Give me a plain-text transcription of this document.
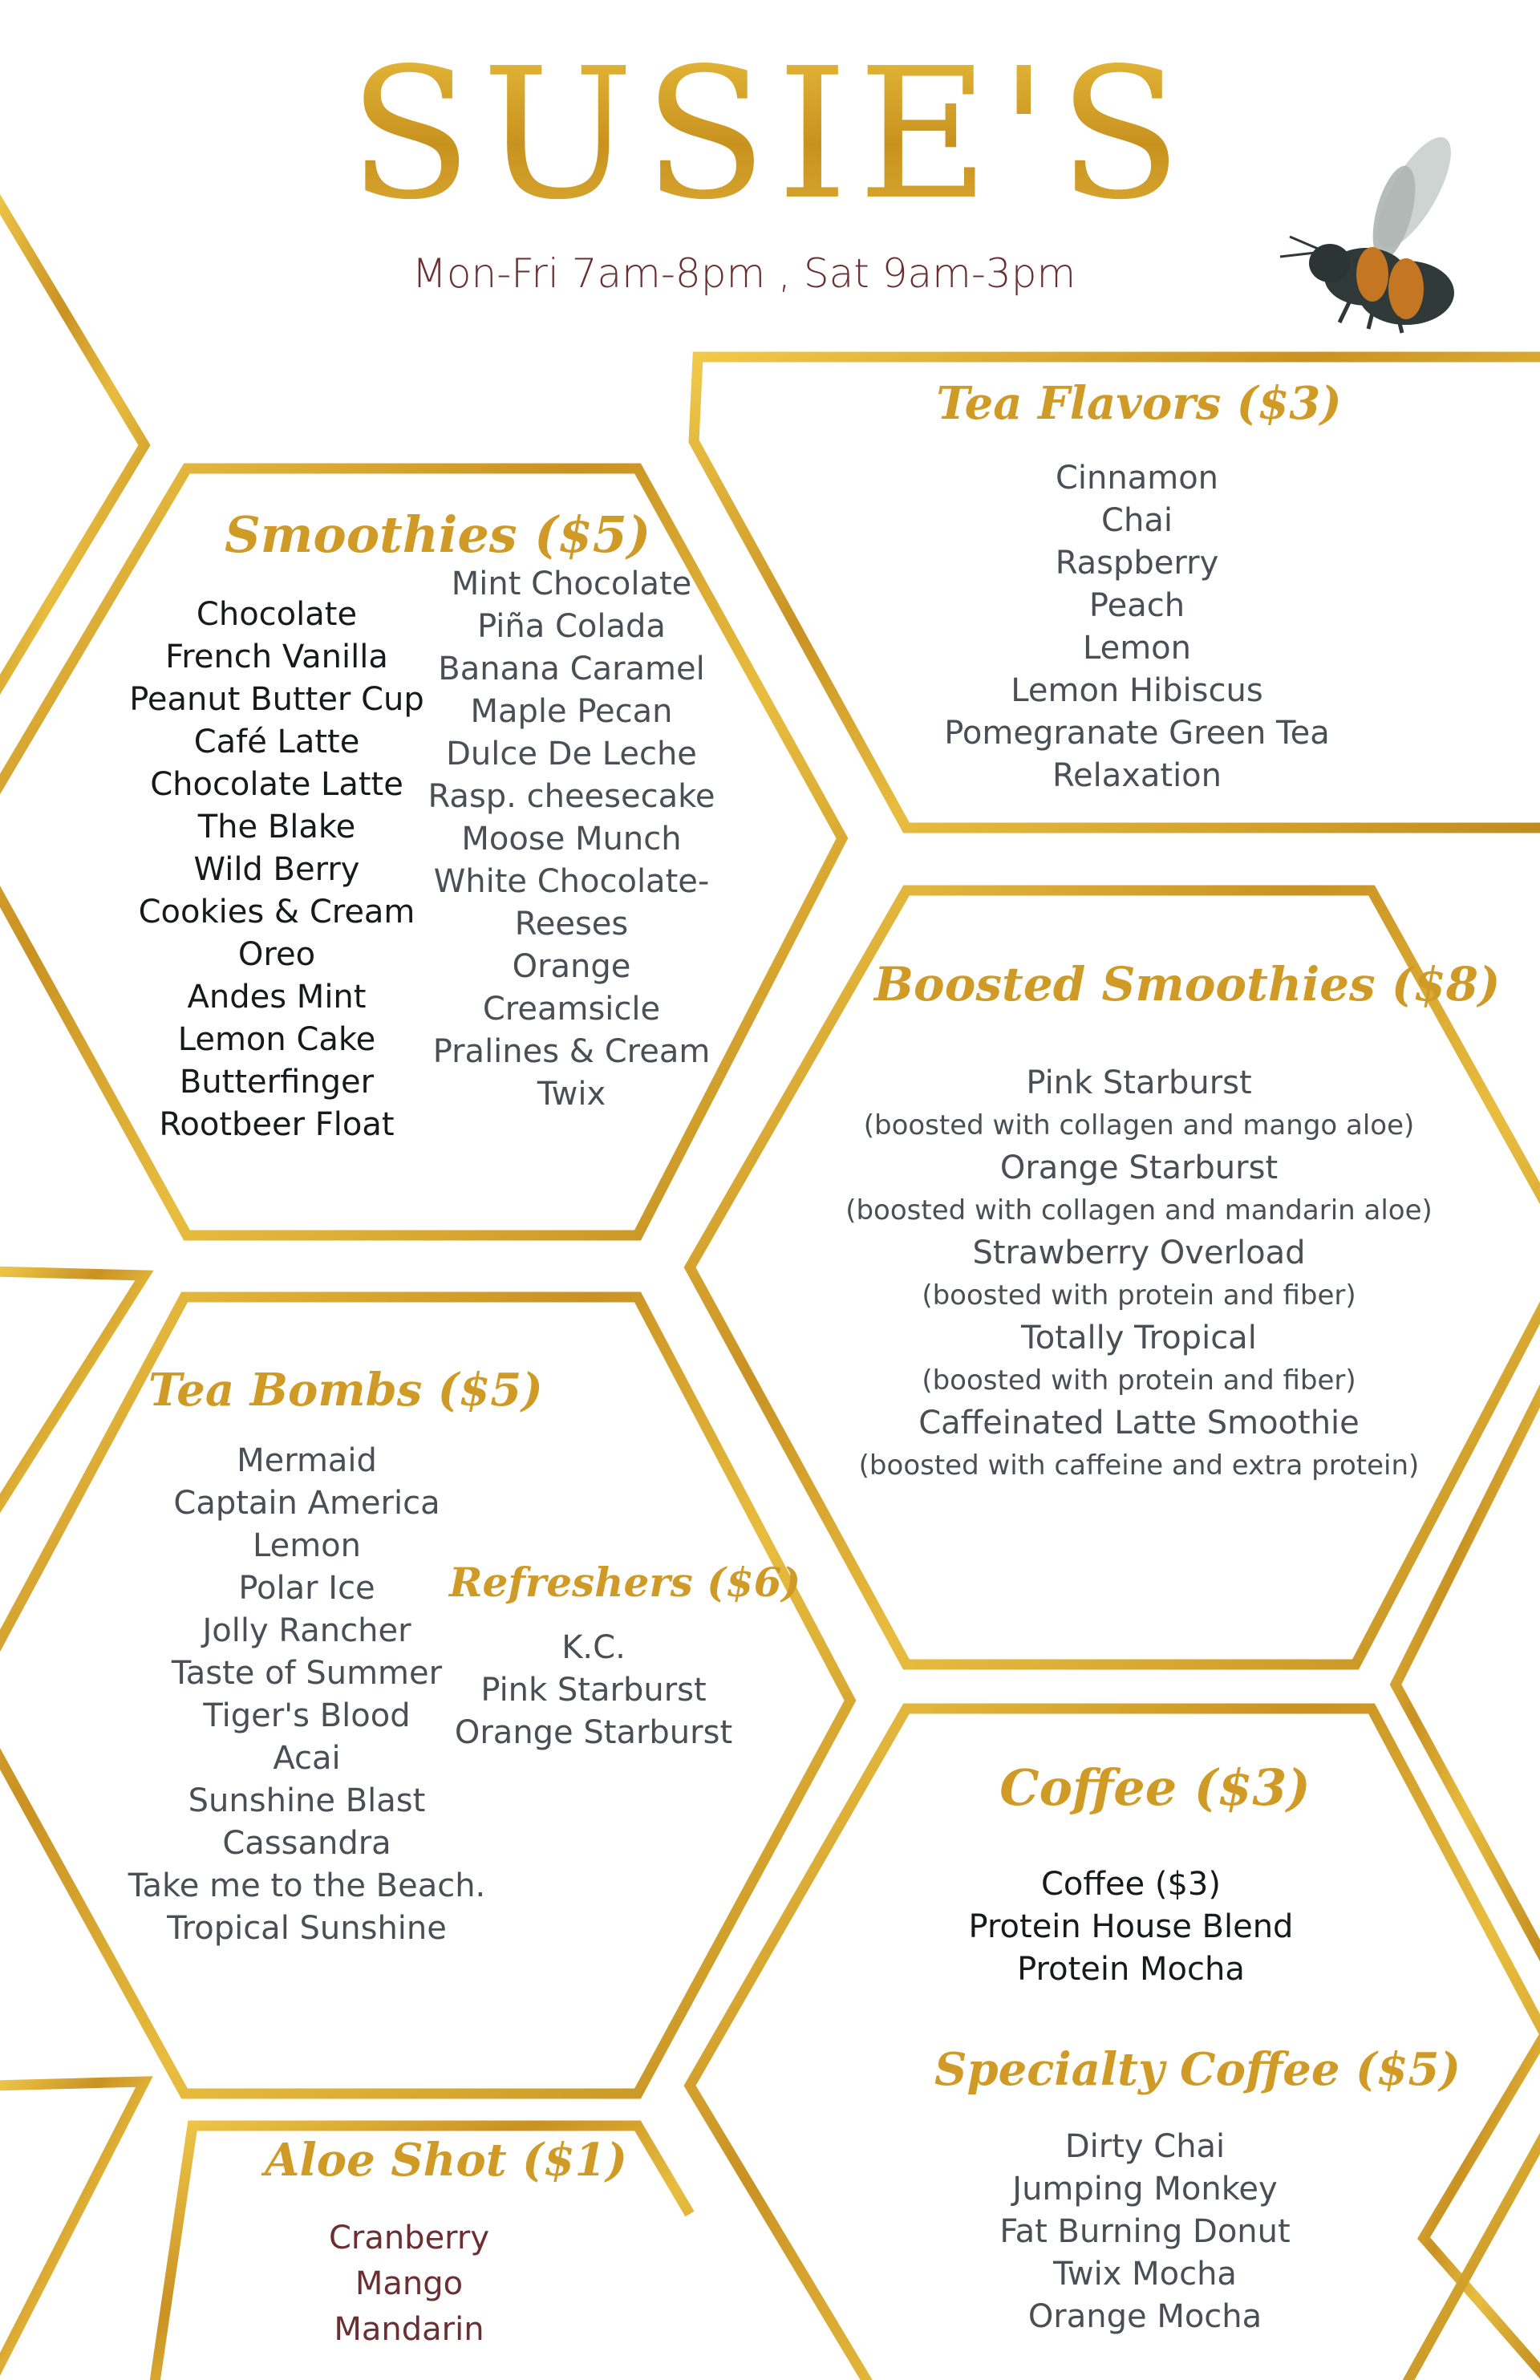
SUSIE'S
Mon-Fri 7am-8pm , Sat 9am-3pm
Tea Flavors ($3)
Cinnamon
Chai
Raspberry
Peach
Lemon
Lemon Hibiscus
Pomegranate Green Tea
Relaxation
Smoothies ($5)
Chocolate
French Vanilla
Peanut Butter Cup
Café Latte
Chocolate Latte
The Blake
Wild Berry
Cookies & Cream
Oreo
Andes Mint
Lemon Cake
Butterfinger
Rootbeer Float
Mint Chocolate
Piña Colada
Banana Caramel
Maple Pecan
Dulce De Leche
Rasp. cheesecake
Moose Munch
White Chocolate-
Reeses
Orange
Creamsicle
Pralines & Cream
Twix
Boosted Smoothies ($8)
Pink Starburst
(boosted with collagen and mango aloe)
Orange Starburst
(boosted with collagen and mandarin aloe)
Strawberry Overload
(boosted with protein and fiber)
Totally Tropical
(boosted with protein and fiber)
Caffeinated Latte Smoothie
(boosted with caffeine and extra protein)
Tea Bombs ($5)
Mermaid
Captain America
Lemon
Polar Ice
Jolly Rancher
Taste of Summer
Tiger's Blood
Acai
Sunshine Blast
Cassandra
Take me to the Beach.
Tropical Sunshine
Refreshers ($6)
K.C.
Pink Starburst
Orange Starburst
Coffee ($3)
Coffee ($3)
Protein House Blend
Protein Mocha
Specialty Coffee ($5)
Dirty Chai
Jumping Monkey
Fat Burning Donut
Twix Mocha
Orange Mocha
Aloe Shot ($1)
Cranberry
Mango
Mandarin
